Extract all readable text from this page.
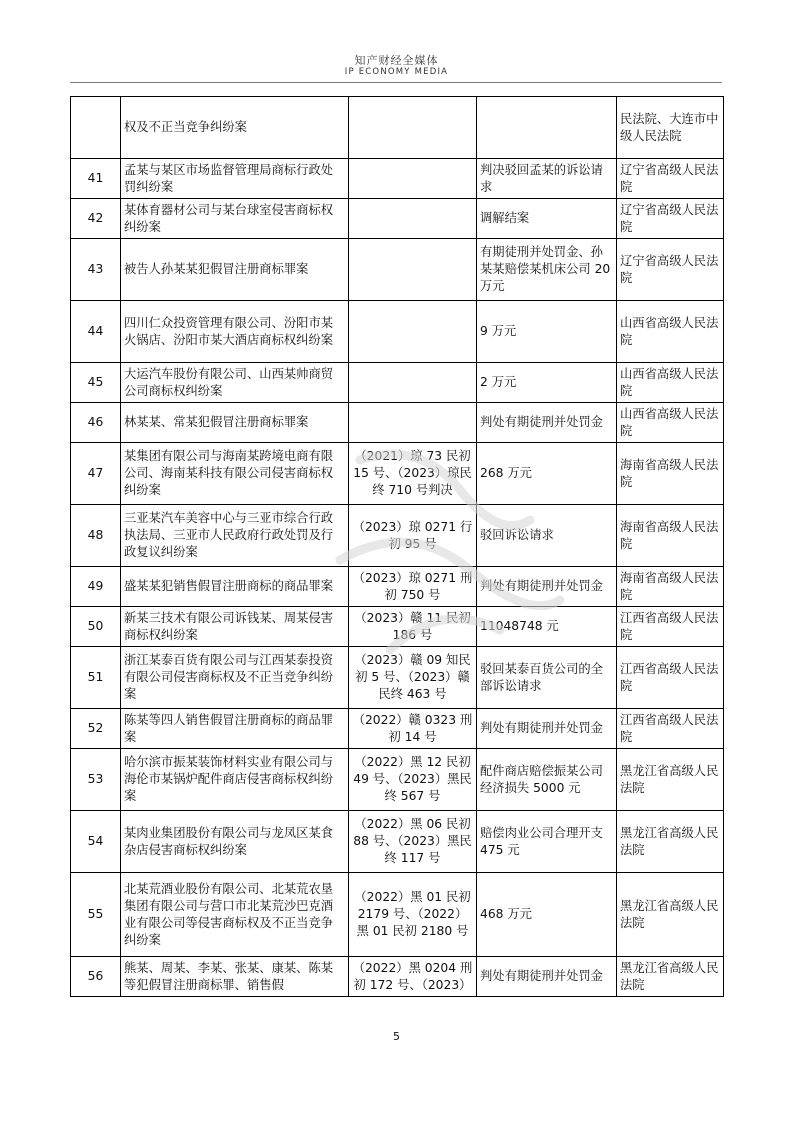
知产财经全媒体
IP ECONOMY MEDIA
	权及不正当竞争纠纷案			民法院、大连市中级人民法院
41	孟某与某区市场监督管理局商标行政处罚纠纷案		判决驳回孟某的诉讼请求	辽宁省高级人民法院
42	某体育器材公司与某台球室侵害商标权纠纷案		调解结案	辽宁省高级人民法院
43	被告人孙某某犯假冒注册商标罪案		有期徒刑并处罚金、孙某某赔偿某机床公司 20 万元	辽宁省高级人民法院
44	四川仁众投资管理有限公司、汾阳市某火锅店、汾阳市某大酒店商标权纠纷案		9 万元	山西省高级人民法院
45	大运汽车股份有限公司、山西某帅商贸公司商标权纠纷案		2 万元	山西省高级人民法院
46	林某某、常某犯假冒注册商标罪案		判处有期徒刑并处罚金	山西省高级人民法院
47	某集团有限公司与海南某跨境电商有限公司、海南某科技有限公司侵害商标权纠纷案	（2021）琼 73 民初 15 号、（2023）琼民终 710 号判决	268 万元	海南省高级人民法院
48	三亚某汽车美容中心与三亚市综合行政执法局、三亚市人民政府行政处罚及行政复议纠纷案	（2023）琼 0271 行初 95 号	驳回诉讼请求	海南省高级人民法院
49	盛某某犯销售假冒注册商标的商品罪案	（2023）琼 0271 刑初 750 号	判处有期徒刑并处罚金	海南省高级人民法院
50	新某三技术有限公司诉钱某、周某侵害商标权纠纷案	（2023）赣 11 民初 186 号	11048748 元	江西省高级人民法院
51	浙江某泰百货有限公司与江西某泰投资有限公司侵害商标权及不正当竞争纠纷案	（2023）赣 09 知民初 5 号、（2023）赣民终 463 号	驳回某泰百货公司的全部诉讼请求	江西省高级人民法院
52	陈某等四人销售假冒注册商标的商品罪案	（2022）赣 0323 刑初 14 号	判处有期徒刑并处罚金	江西省高级人民法院
53	哈尔滨市振某装饰材料实业有限公司与海伦市某锅炉配件商店侵害商标权纠纷案	（2022）黑 12 民初 49 号、（2023）黑民终 567 号	配件商店赔偿振某公司经济损失 5000 元	黑龙江省高级人民法院
54	某肉业集团股份有限公司与龙凤区某食杂店侵害商标权纠纷案	（2022）黑 06 民初 88 号、（2023）黑民终 117 号	赔偿肉业公司合理开支 475 元	黑龙江省高级人民法院
55	北某荒酒业股份有限公司、北某荒农垦集团有限公司与营口市北某荒沙巴克酒业有限公司等侵害商标权及不正当竞争纠纷案	（2022）黑 01 民初 2179 号、（2022）黑 01 民初 2180 号	468 万元	黑龙江省高级人民法院
56	熊某、周某、李某、张某、康某、陈某等犯假冒注册商标罪、销售假	（2022）黑 0204 刑初 172 号、（2023）	判处有期徒刑并处罚金	黑龙江省高级人民法院
5
